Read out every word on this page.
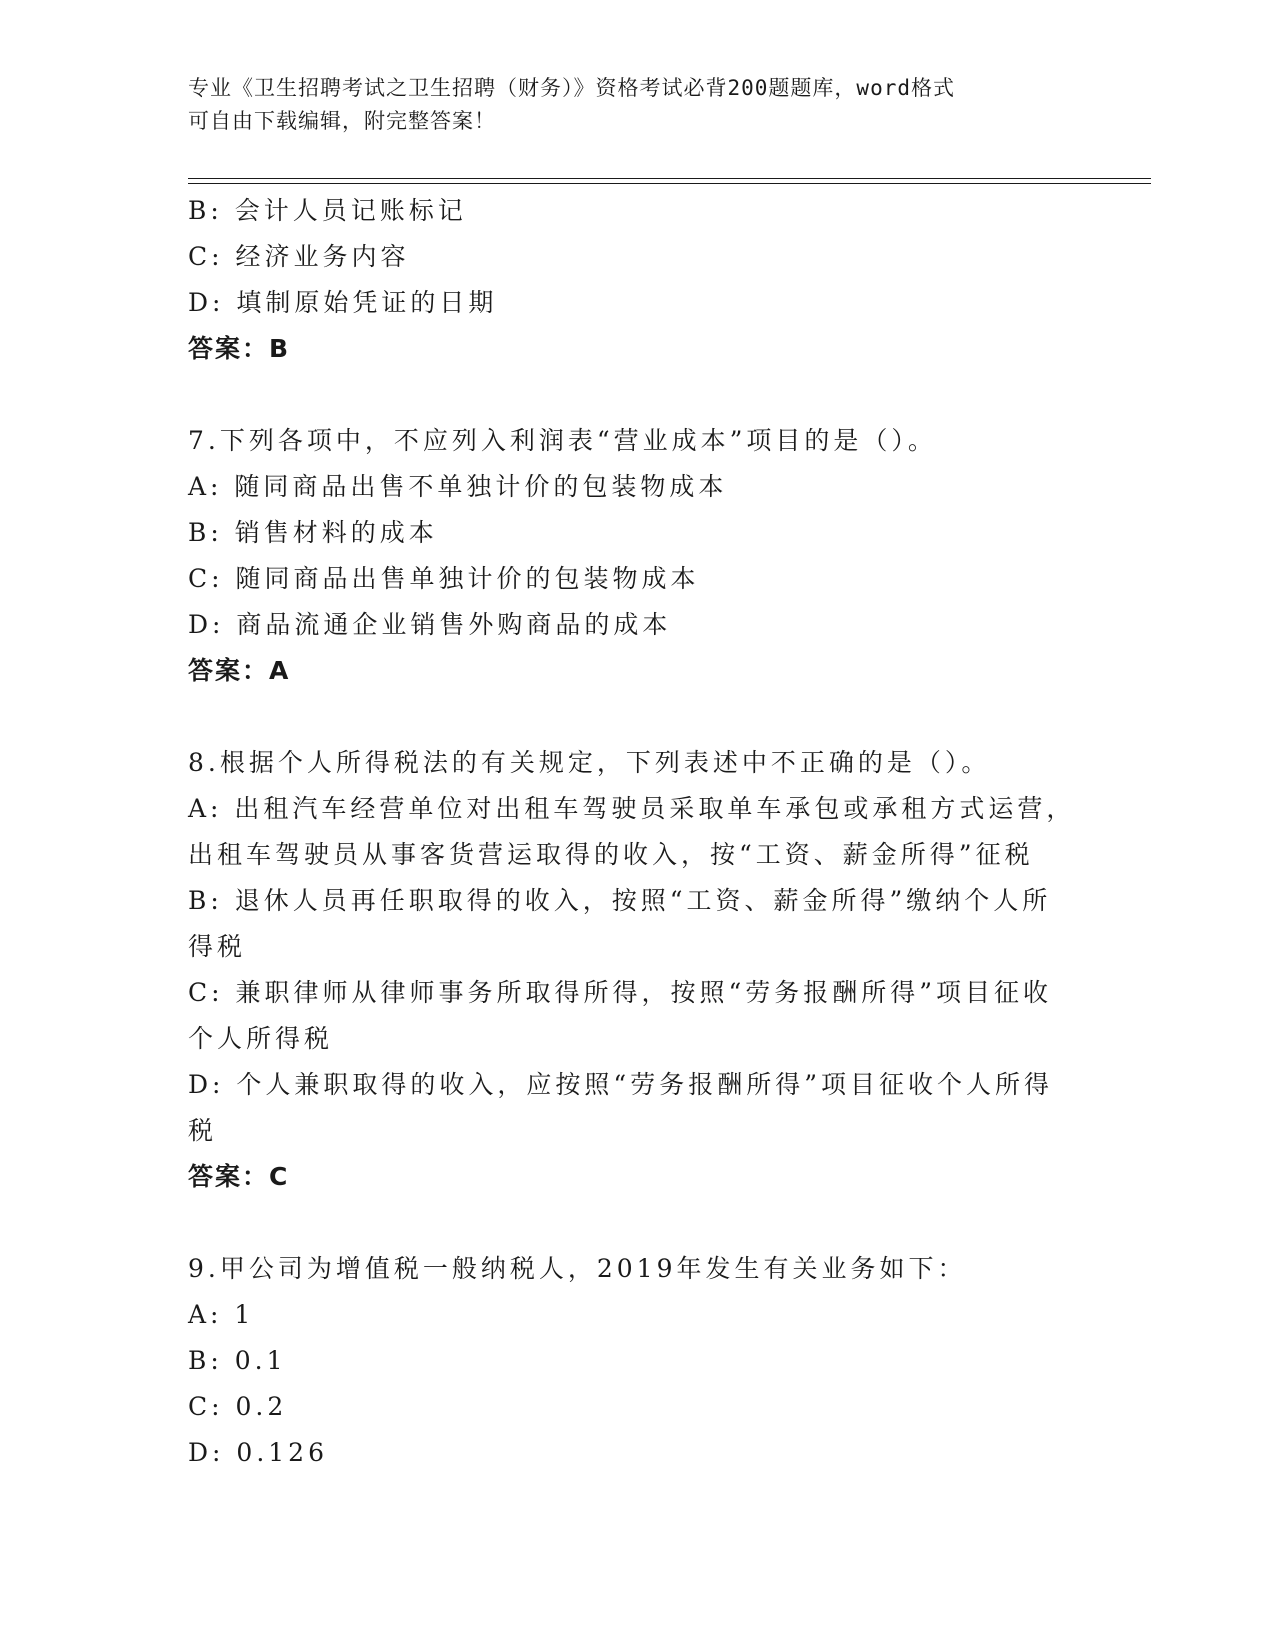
专业《卫生招聘考试之卫生招聘（财务）》资格考试必背200题题库，word格式
可自由下载编辑，附完整答案！

B: 会计人员记账标记

C: 经济业务内容

D: 填制原始凭证的日期

答案：B

7.下列各项中，不应列入利润表“营业成本”项目的是（）。

A: 随同商品出售不单独计价的包装物成本

B: 销售材料的成本

C: 随同商品出售单独计价的包装物成本

D: 商品流通企业销售外购商品的成本

答案：A

8.根据个人所得税法的有关规定，下列表述中不正确的是（）。

A: 出租汽车经营单位对出租车驾驶员采取单车承包或承租方式运营，

出租车驾驶员从事客货营运取得的收入，按“工资、薪金所得”征税

B: 退休人员再任职取得的收入，按照“工资、薪金所得”缴纳个人所

得税

C: 兼职律师从律师事务所取得所得，按照“劳务报酬所得”项目征收

个人所得税

D: 个人兼职取得的收入，应按照“劳务报酬所得”项目征收个人所得

税

答案：C

9.甲公司为增值税一般纳税人，2019年发生有关业务如下：

A: 1

B: 0.1

C: 0.2

D: 0.126
